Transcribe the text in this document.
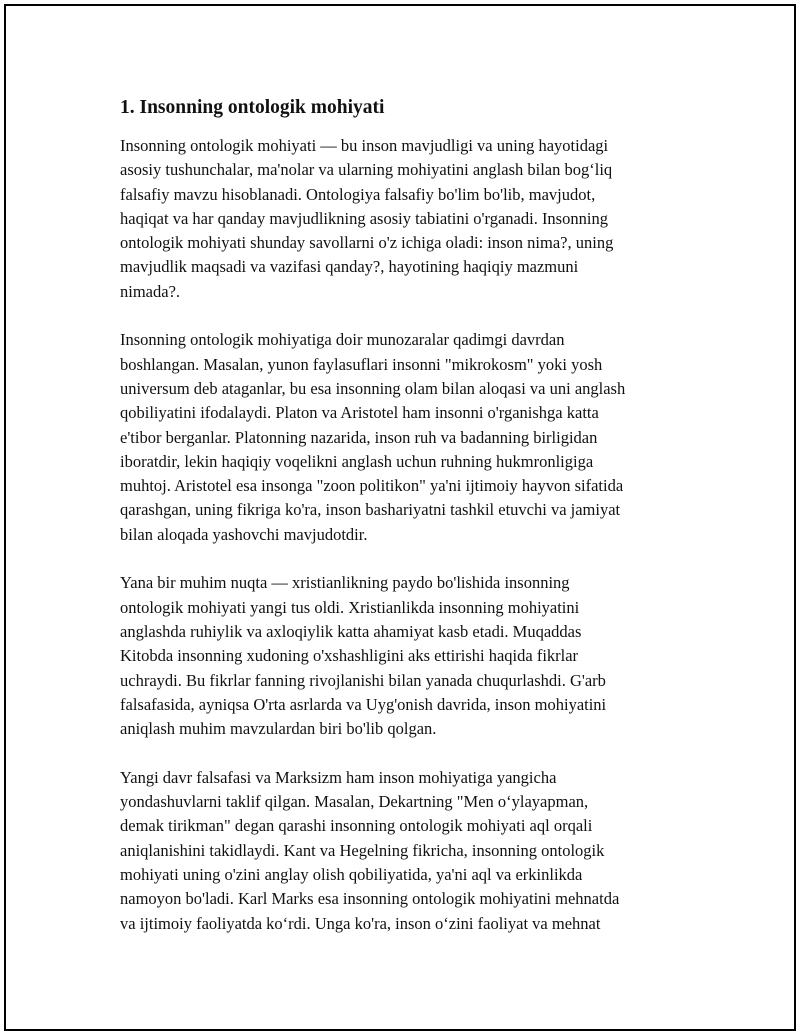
1. Insonning ontologik mohiyati
Insonning ontologik mohiyati — bu inson mavjudligi va uning hayotidagi
asosiy tushunchalar, ma'nolar va ularning mohiyatini anglash bilan bog‘liq
falsafiy mavzu hisoblanadi. Ontologiya falsafiy bo'lim bo'lib, mavjudot,
haqiqat va har qanday mavjudlikning asosiy tabiatini o'rganadi. Insonning
ontologik mohiyati shunday savollarni o'z ichiga oladi: inson nima?, uning
mavjudlik maqsadi va vazifasi qanday?, hayotining haqiqiy mazmuni
nimada?.
Insonning ontologik mohiyatiga doir munozaralar qadimgi davrdan
boshlangan. Masalan, yunon faylasuflari insonni "mikrokosm" yoki yosh
universum deb ataganlar, bu esa insonning olam bilan aloqasi va uni anglash
qobiliyatini ifodalaydi. Platon va Aristotel ham insonni o'rganishga katta
e'tibor berganlar. Platonning nazarida, inson ruh va badanning birligidan
iboratdir, lekin haqiqiy voqelikni anglash uchun ruhning hukmronligiga
muhtoj. Aristotel esa insonga "zoon politikon" ya'ni ijtimoiy hayvon sifatida
qarashgan, uning fikriga ko'ra, inson bashariyatni tashkil etuvchi va jamiyat
bilan aloqada yashovchi mavjudotdir.
Yana bir muhim nuqta — xristianlikning paydo bo'lishida insonning
ontologik mohiyati yangi tus oldi. Xristianlikda insonning mohiyatini
anglashda ruhiylik va axloqiylik katta ahamiyat kasb etadi. Muqaddas
Kitobda insonning xudoning o'xshashligini aks ettirishi haqida fikrlar
uchraydi. Bu fikrlar fanning rivojlanishi bilan yanada chuqurlashdi. G'arb
falsafasida, ayniqsa O'rta asrlarda va Uyg'onish davrida, inson mohiyatini
aniqlash muhim mavzulardan biri bo'lib qolgan.
Yangi davr falsafasi va Marksizm ham inson mohiyatiga yangicha
yondashuvlarni taklif qilgan. Masalan, Dekartning "Men o‘ylayapman,
demak tirikman" degan qarashi insonning ontologik mohiyati aql orqali
aniqlanishini takidlaydi. Kant va Hegelning fikricha, insonning ontologik
mohiyati uning o'zini anglay olish qobiliyatida, ya'ni aql va erkinlikda
namoyon bo'ladi. Karl Marks esa insonning ontologik mohiyatini mehnatda
va ijtimoiy faoliyatda ko‘rdi. Unga ko'ra, inson o‘zini faoliyat va mehnat
